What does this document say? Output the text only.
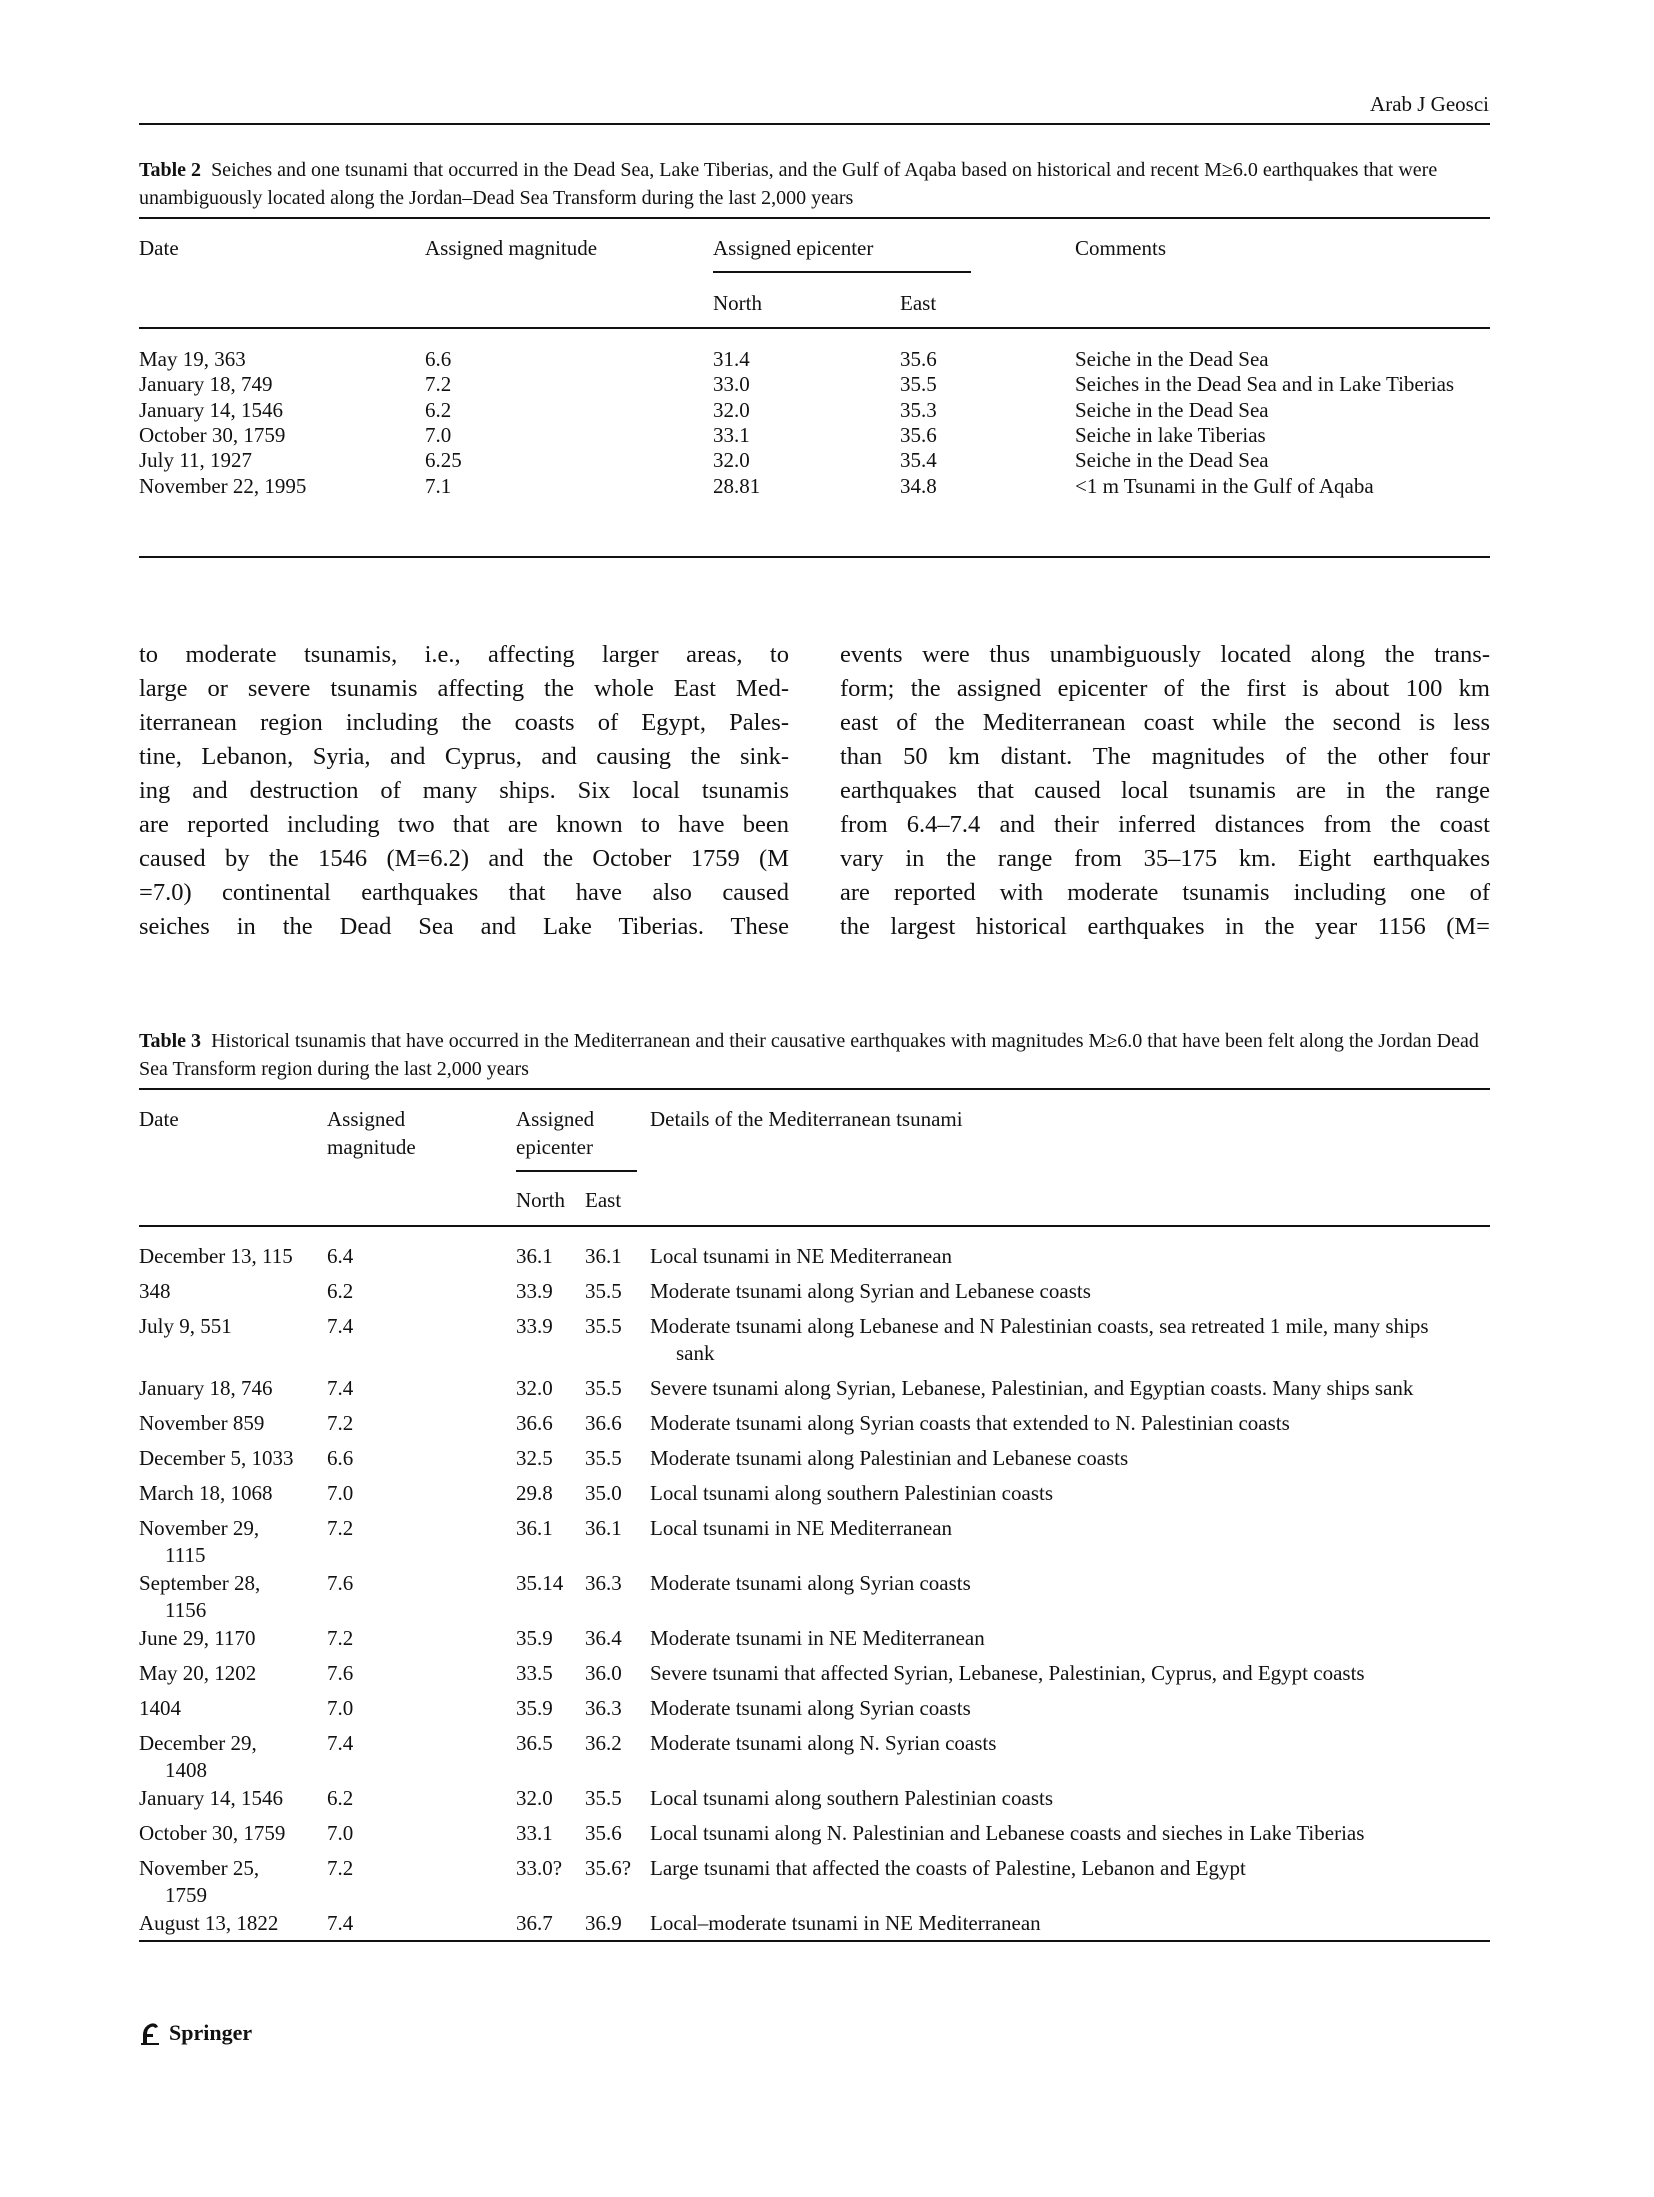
Arab J Geosci
Table 2 Seiches and one tsunami that occurred in the Dead Sea, Lake Tiberias, and the Gulf of Aqaba based on historical and recent M≥6.0 earthquakes that were unambiguously located along the Jordan–Dead Sea Transform during the last 2,000 years
Date	Assigned magnitude	Assigned epicenter	Comments
North	East
May 19, 363	6.6	31.4	35.6	Seiche in the Dead Sea
January 18, 749	7.2	33.0	35.5	Seiches in the Dead Sea and in Lake Tiberias
January 14, 1546	6.2	32.0	35.3	Seiche in the Dead Sea
October 30, 1759	7.0	33.1	35.6	Seiche in lake Tiberias
July 11, 1927	6.25	32.0	35.4	Seiche in the Dead Sea
November 22, 1995	7.1	28.81	34.8	<1 m Tsunami in the Gulf of Aqaba
to moderate tsunamis, i.e., affecting larger areas, to
large or severe tsunamis affecting the whole East Med-
iterranean region including the coasts of Egypt, Pales-
tine, Lebanon, Syria, and Cyprus, and causing the sink-
ing and destruction of many ships. Six local tsunamis
are reported including two that are known to have been
caused by the 1546 (M=6.2) and the October 1759 (M
=7.0) continental earthquakes that have also caused
seiches in the Dead Sea and Lake Tiberias. These
events were thus unambiguously located along the trans-
form; the assigned epicenter of the first is about 100 km
east of the Mediterranean coast while the second is less
than 50 km distant. The magnitudes of the other four
earthquakes that caused local tsunamis are in the range
from 6.4–7.4 and their inferred distances from the coast
vary in the range from 35–175 km. Eight earthquakes
are reported with moderate tsunamis including one of
the largest historical earthquakes in the year 1156 (M=
Table 3 Historical tsunamis that have occurred in the Mediterranean and their causative earthquakes with magnitudes M≥6.0 that have been felt along the Jordan Dead Sea Transform region during the last 2,000 years
Date	Assigned
magnitude
Assigned
epicenter
Details of the Mediterranean tsunami
North East
December 13, 115 6.4	36.1 36.1 Local tsunami in NE Mediterranean
348	6.2	33.9 35.5 Moderate tsunami along Syrian and Lebanese coasts
July 9, 551	7.4	33.9 35.5 Moderate tsunami along Lebanese and N Palestinian coasts, sea retreated 1 mile, many ships
sank
January 18, 746	7.4	32.0 35.5 Severe tsunami along Syrian, Lebanese, Palestinian, and Egyptian coasts. Many ships sank
November 859	7.2	36.6 36.6 Moderate tsunami along Syrian coasts that extended to N. Palestinian coasts
December 5, 1033 6.6	32.5 35.5 Moderate tsunami along Palestinian and Lebanese coasts
March 18, 1068	7.0	29.8 35.0 Local tsunami along southern Palestinian coasts
November 29,
1115
7.2	36.1 36.1 Local tsunami in NE Mediterranean
September 28,
1156
7.6	35.14 36.3 Moderate tsunami along Syrian coasts
June 29, 1170	7.2	35.9 36.4 Moderate tsunami in NE Mediterranean
May 20, 1202	7.6	33.5 36.0 Severe tsunami that affected Syrian, Lebanese, Palestinian, Cyprus, and Egypt coasts
1404	7.0	35.9 36.3 Moderate tsunami along Syrian coasts
December 29,
1408
7.4	36.5 36.2 Moderate tsunami along N. Syrian coasts
January 14, 1546 6.2	32.0 35.5 Local tsunami along southern Palestinian coasts
October 30, 1759 7.0	33.1 35.6 Local tsunami along N. Palestinian and Lebanese coasts and sieches in Lake Tiberias
November 25,
1759
7.2	33.0? 35.6? Large tsunami that affected the coasts of Palestine, Lebanon and Egypt
August 13, 1822 7.4	36.7 36.9 Local–moderate tsunami in NE Mediterranean
Springer
